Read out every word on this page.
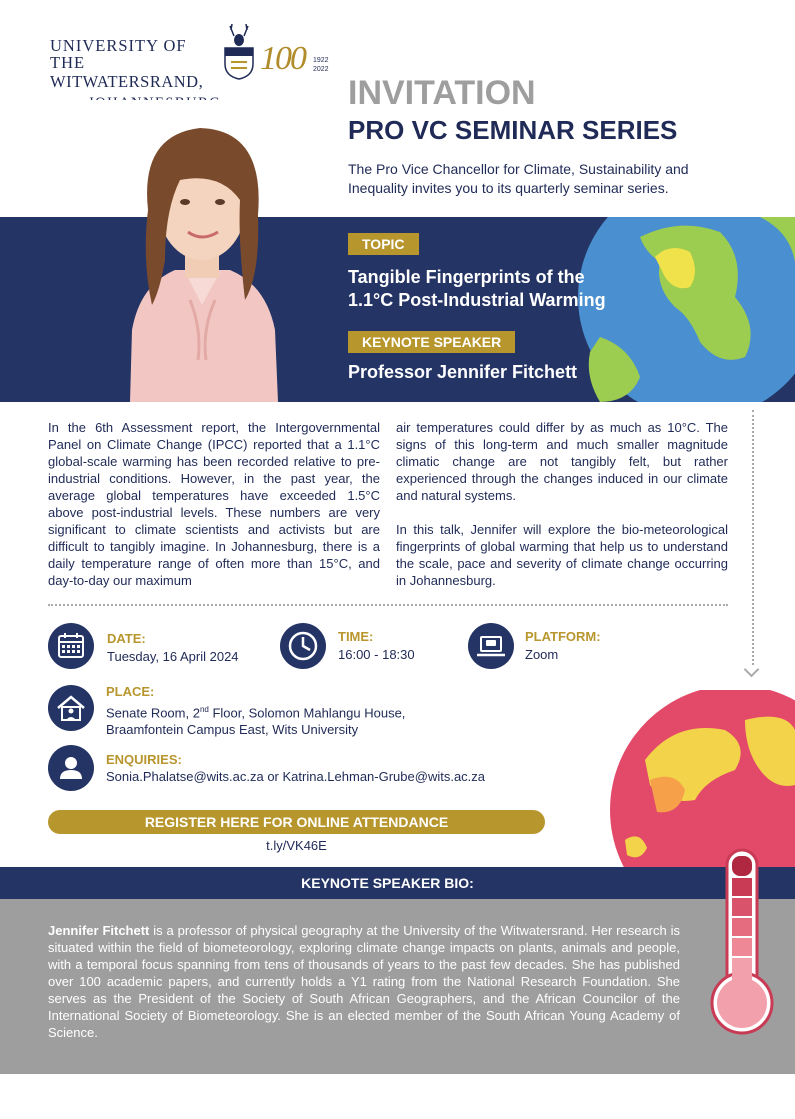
UNIVERSITY OF THE
WITWATERSRAND,
100 1922
2022
INVITATION
PRO VC SEMINAR SERIES
The Pro Vice Chancellor for Climate, Sustainability and Inequality invites you to its quarterly seminar series.
TOPIC
Tangible Fingerprints of the
1.1°C Post-Industrial Warming
KEYNOTE SPEAKER
Professor Jennifer Fitchett

In the 6th Assessment report, the Intergovernmental Panel on Climate Change (IPCC) reported that a 1.1°C global-scale warming has been recorded relative to pre-industrial conditions. However, in the past year, the average global temperatures have exceeded 1.5°C above post-industrial levels. These numbers are very significant to climate scientists and activists but are difficult to tangibly imagine. In Johannesburg, there is a daily temperature range of often more than 15°C, and day-to-day our maximum

air temperatures could differ by as much as 10°C. The signs of this long-term and much smaller magnitude climatic change are not tangibly felt, but rather experienced through the changes induced in our climate and natural systems.

In this talk, Jennifer will explore the bio-meteorological fingerprints of global warming that help us to understand the scale, pace and severity of climate change occurring in Johannesburg.

DATE:
Tuesday, 16 April 2024
TIME:
16:00 - 18:30
PLATFORM:
Zoom
PLACE:
Senate Room, 2nd Floor, Solomon Mahlangu House,
Braamfontein Campus East, Wits University
ENQUIRIES:
Sonia.Phalatse@wits.ac.za or Katrina.Lehman-Grube@wits.ac.za
REGISTER HERE FOR ONLINE ATTENDANCE
t.ly/VK46E
KEYNOTE SPEAKER BIO:
Jennifer Fitchett is a professor of physical geography at the University of the Witwatersrand. Her research is situated within the field of biometeorology, exploring climate change impacts on plants, animals and people, with a temporal focus spanning from tens of thousands of years to the past few decades. She has published over 100 academic papers, and currently holds a Y1 rating from the National Research Foundation. She serves as the President of the Society of South African Geographers, and the African Councilor of the International Society of Biometeorology. She is an elected member of the South African Young Academy of Science.
